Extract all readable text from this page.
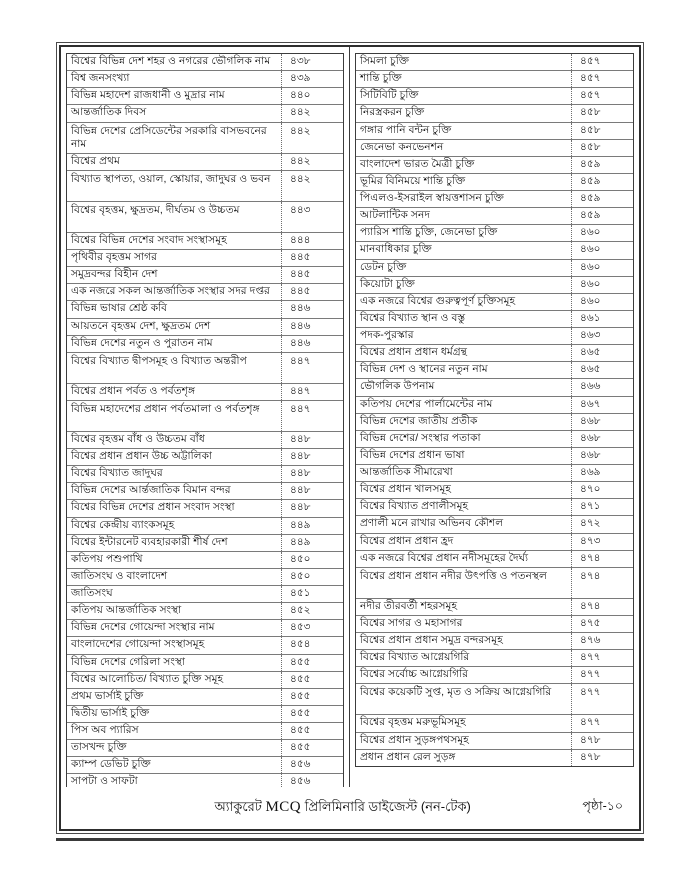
বিশ্বের বিভিন্ন দেশ শহর ও নগরের ভৌগলিক নাম	৪৩৮
বিশ্ব জনসংখ্যা	৪৩৯
বিভিন্ন মহাদেশ রাজধানী ও মুদ্রার নাম	৪৪০
আন্তর্জাতিক দিবস	৪৪২
বিভিন্ন দেশের প্রেসিডেন্টের সরকারি বাসভবনের নাম	৪৪২
বিশ্বের প্রথম	৪৪২
বিখ্যাত স্থাপত্য, ওয়াল, স্কোয়ার, জাদুঘর ও ভবন	৪৪২
বিশ্বের বৃহত্তম, ক্ষুদ্রতম, দীর্ঘতম ও উচ্চতম	৪৪৩
বিশ্বের বিভিন্ন দেশের সংবাদ সংস্থাসমূহ	৪৪৪
পৃথিবীর বৃহত্তম সাগর	৪৪৫
সমুদ্রবন্দর বিহীন দেশ	৪৪৫
এক নজরে সকল আন্তর্জাতিক সংস্থার সদর দপ্তর	৪৪৫
বিভিন্ন ভাষার শ্রেষ্ঠ কবি	৪৪৬
আয়তনে বৃহত্তম দেশ, ক্ষুদ্রতম দেশ	৪৪৬
বিভিন্ন দেশের নতুন ও পুরাতন নাম	৪৪৬
বিশ্বের বিখ্যাত দ্বীপসমূহ ও বিখ্যাত অন্তরীপ	৪৪৭
বিশ্বের প্রধান পর্বত ও পর্বতশৃঙ্গ	৪৪৭
বিভিন্ন মহাদেশের প্রধান পর্বতমালা ও পর্বতশৃঙ্গ	৪৪৭
বিশ্বের বৃহত্তম বাঁধ ও উচ্চতম বাঁধ	৪৪৮
বিশ্বের প্রধান প্রধান উচ্চ অট্টালিকা	৪৪৮
বিশ্বের বিখ্যাত জাদুঘর	৪৪৮
বিভিন্ন দেশের আর্ন্তজাতিক বিমান বন্দর	৪৪৮
বিশ্বের বিভিন্ন দেশের প্রধান সংবাদ সংস্থা	৪৪৮
বিশ্বের কেন্দ্রীয় ব্যাংকসমূহ	৪৪৯
বিশ্বের ইন্টারনেট ব্যবহারকারী শীর্ষ দেশ	৪৪৯
কতিপয় পশুপাখি	৪৫০
জাতিসংঘ ও বাংলাদেশ	৪৫০
জাতিসংঘ	৪৫১
কতিপয় আন্তর্জাতিক সংস্থা	৪৫২
বিভিন্ন দেশের গোয়েন্দা সংস্থার নাম	৪৫৩
বাংলাদেশের গোয়েন্দা সংস্থাসমূহ	৪৫৪
বিভিন্ন দেশের গেরিলা সংস্থা	৪৫৫
বিশ্বের আলোচিত/ বিখ্যাত চুক্তি সমূহ	৪৫৫
প্রথম ভার্সাই চুক্তি	৪৫৫
দ্বিতীয় ভার্সাই চুক্তি	৪৫৫
পিস অব প্যারিস	৪৫৫
তাসখন্দ চুক্তি	৪৫৫
ক্যাম্প ডেভিট চুক্তি	৪৫৬
সাপটা ও সাফটা	৪৫৬
সিমলা চুক্তি	৪৫৭
শান্তি চুক্তি	৪৫৭
সিটিবিটি চুক্তি	৪৫৭
নিরস্ত্রকরন চুক্তি	৪৫৮
গঙ্গার পানি বন্টন চুক্তি	৪৫৮
জেনেভা কনভেনশন	৪৫৮
বাংলাদেশ ভারত মৈত্রী চুক্তি	৪৫৯
ভূমির বিনিময়ে শান্তি চুক্তি	৪৫৯
পিএলও-ইসরাইল স্বায়ত্তশাসন চুক্তি	৪৫৯
আটলান্টিক সনদ	৪৫৯
প্যারিস শান্তি চুক্তি, জেনেভা চুক্তি	৪৬০
মানবাধিকার চুক্তি	৪৬০
ডেটন চুক্তি	৪৬০
কিয়োটা চুক্তি	৪৬০
এক নজরে বিশ্বের গুরুত্বপূর্ণ চুক্তিসমূহ	৪৬০
বিশ্বের বিখ্যাত স্থান ও বস্তু	৪৬১
পদক-পুরস্কার	৪৬৩
বিশ্বের প্রধান প্রধান ধর্মগ্রন্থ	৪৬৫
বিভিন্ন দেশ ও স্থানের নতুন নাম	৪৬৫
ভৌগলিক উপনাম	৪৬৬
কতিপয় দেশের পার্লামেন্টের নাম	৪৬৭
বিভিন্ন দেশের জাতীয় প্রতীক	৪৬৮
বিভিন্ন দেশের/ সংস্থার পতাকা	৪৬৮
বিভিন্ন দেশের প্রধান ভাষা	৪৬৮
আন্তর্জাতিক সীমারেখা	৪৬৯
বিশ্বের প্রধান খালসমূহ	৪৭০
বিশ্বের বিখ্যাত প্রণালীসমূহ	৪৭১
প্রণালী মনে রাখার অভিনব কৌশল	৪৭২
বিশ্বের প্রধান প্রধান হ্রদ	৪৭৩
এক নজরে বিশ্বের প্রধান নদীসমূহের দৈর্ঘ্য	৪৭৪
বিশ্বের প্রধান প্রধান নদীর উৎপত্তি ও পতনস্থল	৪৭৪
নদীর তীরবর্তী শহরসমূহ	৪৭৪
বিশ্বের সাগর ও মহাসাগর	৪৭৫
বিশ্বের প্রধান প্রধান সমুদ্র বন্দরসমূহ	৪৭৬
বিশ্বের বিখ্যাত আগ্নেয়গিরি	৪৭৭
বিশ্বের সর্বোচ্চ আগ্নেয়গিরি	৪৭৭
বিশ্বের কয়েকটি সুপ্ত, মৃত ও সক্রিয় আগ্নেয়গিরি	৪৭৭
বিশ্বের বৃহত্তম মরুভূমিসমূহ	৪৭৭
বিশ্বের প্রধান সুড়ঙ্গপথসমূহ	৪৭৮
প্রধান প্রধান রেল সুড়ঙ্গ	৪৭৮
অ্যাকুরেট MCQ প্রিলিমিনারি ডাইজেস্ট (নন-টেক)	পৃষ্ঠা-১০
